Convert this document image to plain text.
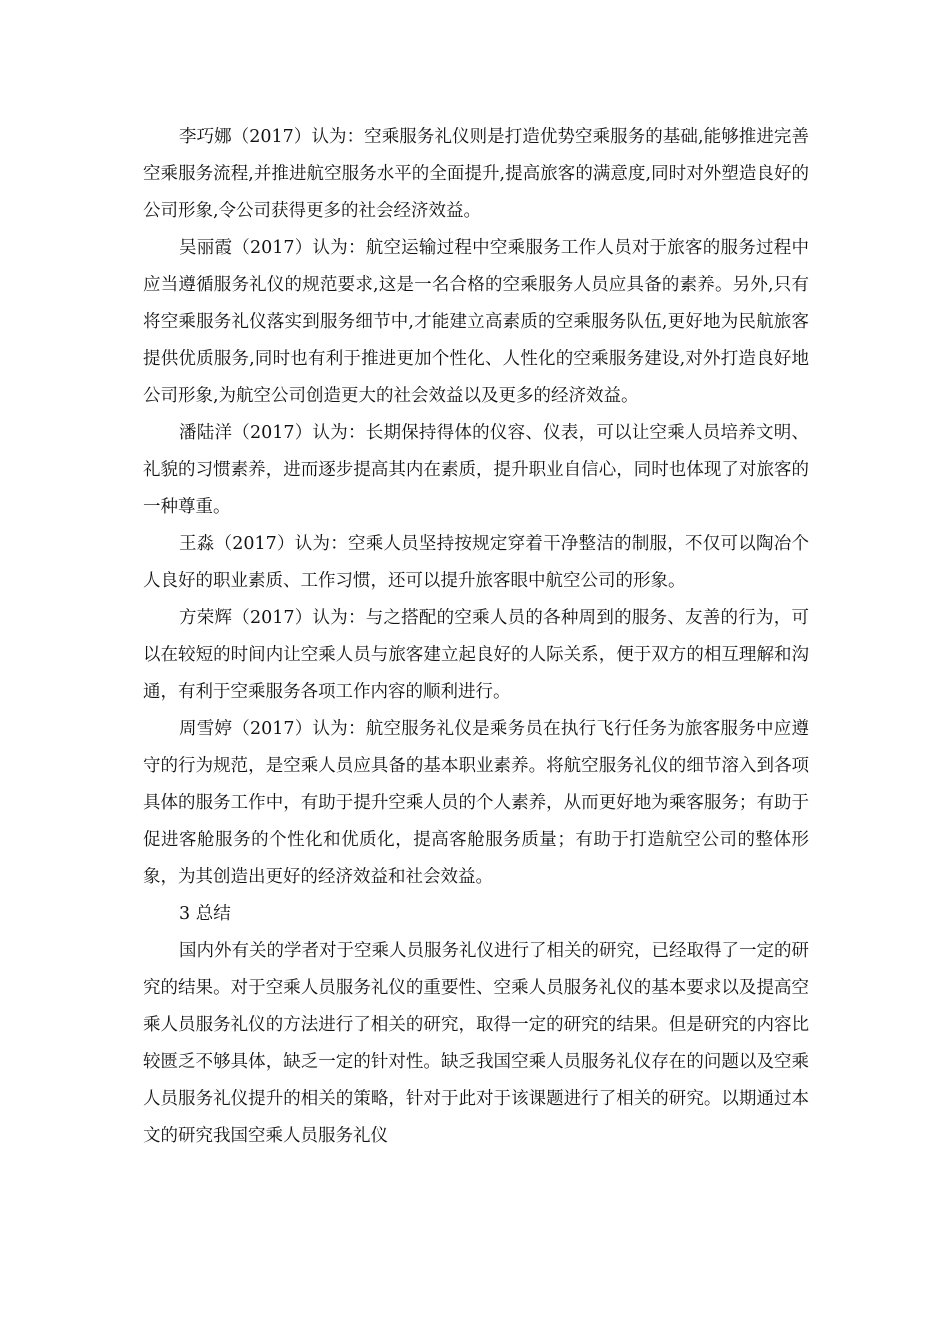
李巧娜（2017）认为：空乘服务礼仪则是打造优势空乘服务的基础,能够推进完善空乘服务流程,并推进航空服务水平的全面提升,提高旅客的满意度,同时对外塑造良好的公司形象,令公司获得更多的社会经济效益。

吴丽霞（2017）认为：航空运输过程中空乘服务工作人员对于旅客的服务过程中应当遵循服务礼仪的规范要求,这是一名合格的空乘服务人员应具备的素养。另外,只有将空乘服务礼仪落实到服务细节中,才能建立高素质的空乘服务队伍,更好地为民航旅客提供优质服务,同时也有利于推进更加个性化、人性化的空乘服务建设,对外打造良好地公司形象,为航空公司创造更大的社会效益以及更多的经济效益。

潘陆洋（2017）认为：长期保持得体的仪容、仪表，可以让空乘人员培养文明、礼貌的习惯素养，进而逐步提高其内在素质，提升职业自信心，同时也体现了对旅客的一种尊重。

王淼（2017）认为：空乘人员坚持按规定穿着干净整洁的制服，不仅可以陶冶个人良好的职业素质、工作习惯，还可以提升旅客眼中航空公司的形象。

方荣辉（2017）认为：与之搭配的空乘人员的各种周到的服务、友善的行为，可以在较短的时间内让空乘人员与旅客建立起良好的人际关系，便于双方的相互理解和沟通，有利于空乘服务各项工作内容的顺利进行。

周雪婷（2017）认为：航空服务礼仪是乘务员在执行飞行任务为旅客服务中应遵守的行为规范，是空乘人员应具备的基本职业素养。将航空服务礼仪的细节溶入到各项具体的服务工作中，有助于提升空乘人员的个人素养，从而更好地为乘客服务；有助于促进客舱服务的个性化和优质化，提高客舱服务质量；有助于打造航空公司的整体形象，为其创造出更好的经济效益和社会效益。

3 总结

国内外有关的学者对于空乘人员服务礼仪进行了相关的研究，已经取得了一定的研究的结果。对于空乘人员服务礼仪的重要性、空乘人员服务礼仪的基本要求以及提高空乘人员服务礼仪的方法进行了相关的研究，取得一定的研究的结果。但是研究的内容比较匮乏不够具体，缺乏一定的针对性。缺乏我国空乘人员服务礼仪存在的问题以及空乘人员服务礼仪提升的相关的策略，针对于此对于该课题进行了相关的研究。以期通过本文的研究我国空乘人员服务礼仪
